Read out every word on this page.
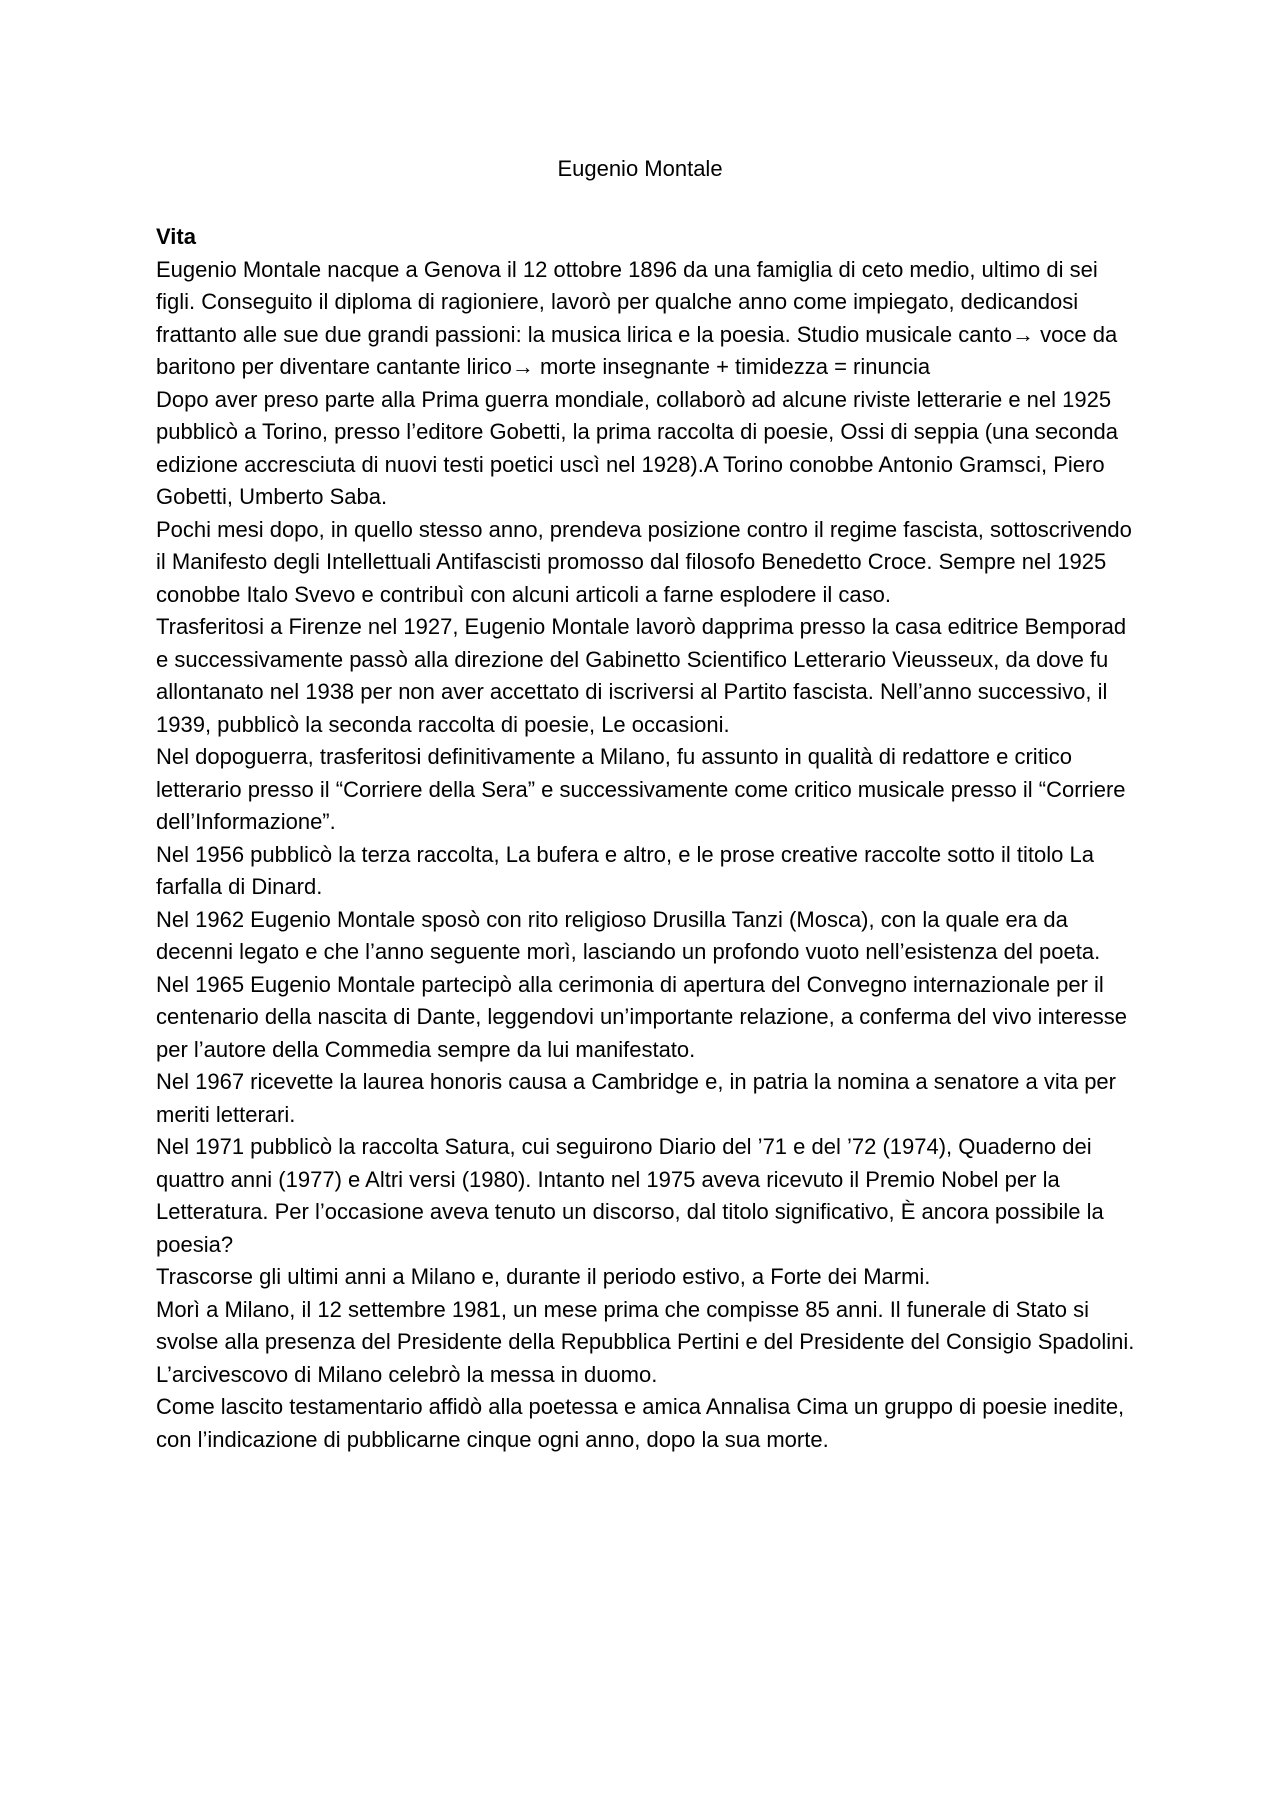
Eugenio Montale

Vita

Eugenio Montale nacque a Genova il 12 ottobre 1896 da una famiglia di ceto medio, ultimo di sei figli. Conseguito il diploma di ragioniere, lavorò per qualche anno come impiegato, dedicandosi frattanto alle sue due grandi passioni: la musica lirica e la poesia. Studio musicale canto→ voce da baritono per diventare cantante lirico→ morte insegnante + timidezza = rinuncia

Dopo aver preso parte alla Prima guerra mondiale, collaborò ad alcune riviste letterarie e nel 1925 pubblicò a Torino, presso l’editore Gobetti, la prima raccolta di poesie, Ossi di seppia (una seconda edizione accresciuta di nuovi testi poetici uscì nel 1928).A Torino conobbe Antonio Gramsci, Piero Gobetti, Umberto Saba.

Pochi mesi dopo, in quello stesso anno, prendeva posizione contro il regime fascista, sottoscrivendo il Manifesto degli Intellettuali Antifascisti promosso dal filosofo Benedetto Croce. Sempre nel 1925 conobbe Italo Svevo e contribuì con alcuni articoli a farne esplodere il caso.

Trasferitosi a Firenze nel 1927, Eugenio Montale lavorò dapprima presso la casa editrice Bemporad e successivamente passò alla direzione del Gabinetto Scientifico Letterario Vieusseux, da dove fu allontanato nel 1938 per non aver accettato di iscriversi al Partito fascista. Nell’anno successivo, il 1939, pubblicò la seconda raccolta di poesie, Le occasioni.

Nel dopoguerra, trasferitosi definitivamente a Milano, fu assunto in qualità di redattore e critico letterario presso il “Corriere della Sera” e successivamente come critico musicale presso il “Corriere dell’Informazione”.

Nel 1956 pubblicò la terza raccolta, La bufera e altro, e le prose creative raccolte sotto il titolo La farfalla di Dinard.

Nel 1962 Eugenio Montale sposò con rito religioso Drusilla Tanzi (Mosca), con la quale era da decenni legato e che l’anno seguente morì, lasciando un profondo vuoto nell’esistenza del poeta.

Nel 1965 Eugenio Montale partecipò alla cerimonia di apertura del Convegno internazionale per il centenario della nascita di Dante, leggendovi un’importante relazione, a conferma del vivo interesse per l’autore della Commedia sempre da lui manifestato.

Nel 1967 ricevette la laurea honoris causa a Cambridge e, in patria la nomina a senatore a vita per meriti letterari.

Nel 1971 pubblicò la raccolta Satura, cui seguirono Diario del ’71 e del ’72 (1974), Quaderno dei quattro anni (1977) e Altri versi (1980). Intanto nel 1975 aveva ricevuto il Premio Nobel per la Letteratura. Per l’occasione aveva tenuto un discorso, dal titolo significativo, È ancora possibile la poesia?

Trascorse gli ultimi anni a Milano e, durante il periodo estivo, a Forte dei Marmi.

Morì a Milano, il 12 settembre 1981, un mese prima che compisse 85 anni. Il funerale di Stato si svolse alla presenza del Presidente della Repubblica Pertini e del Presidente del Consigio Spadolini. L’arcivescovo di Milano celebrò la messa in duomo.

Come lascito testamentario affidò alla poetessa e amica Annalisa Cima un gruppo di poesie inedite, con l’indicazione di pubblicarne cinque ogni anno, dopo la sua morte.
